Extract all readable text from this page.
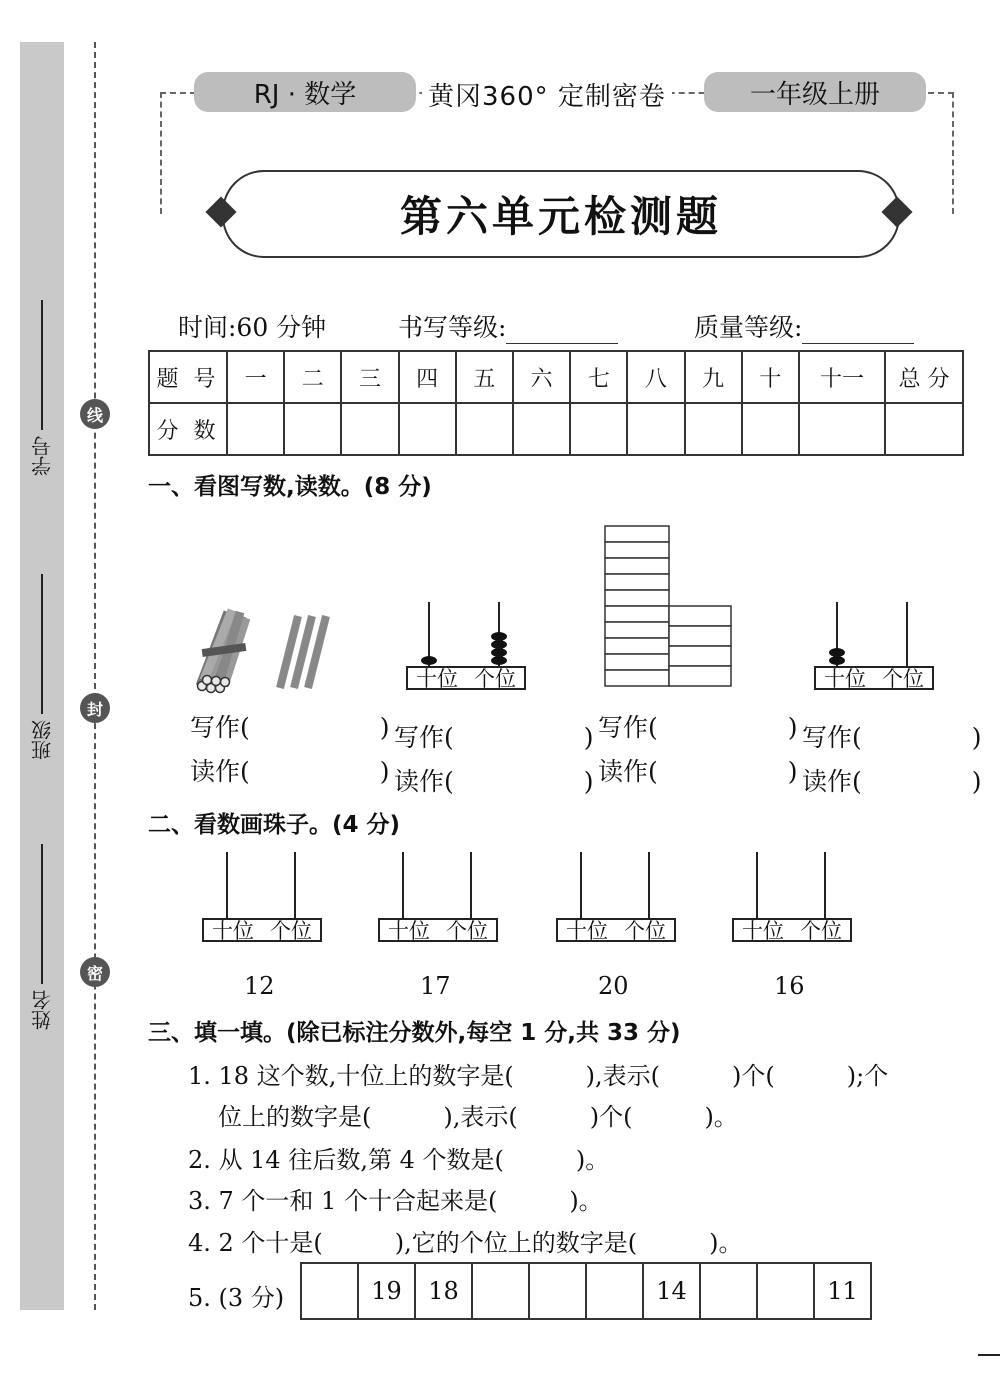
学号
班级
姓名
线
封
密
RJ · 数学	黄冈360° 定制密卷	一年级上册
第六单元检测题
时间:60 分钟	书写等级:	质量等级:
题 号	一	二	三	四	五	六	七	八	九	十	十一	总 分
分 数												
一、看图写数,读数。(8 分)
十位 个位	十位 个位
写作(	)
读作(	)
写作(	)
读作(	)
写作(	)
读作(	)
写作(	)
读作(	)
二、看数画珠子。(4 分)
十位 个位	十位 个位	十位 个位	十位 个位
12	17	20	16
三、填一填。(除已标注分数外,每空 1 分,共 33 分)
1. 18 这个数,十位上的数字是(　　　),表示(　　　)个(　　　);个
位上的数字是(　　　),表示(　　　)个(　　　)。
2. 从 14 往后数,第 4 个数是(　　　)。
3. 7 个一和 1 个十合起来是(　　　)。
4. 2 个十是(　　　),它的个位上的数字是(　　　)。
5. (3 分)
		19	18				14			11
